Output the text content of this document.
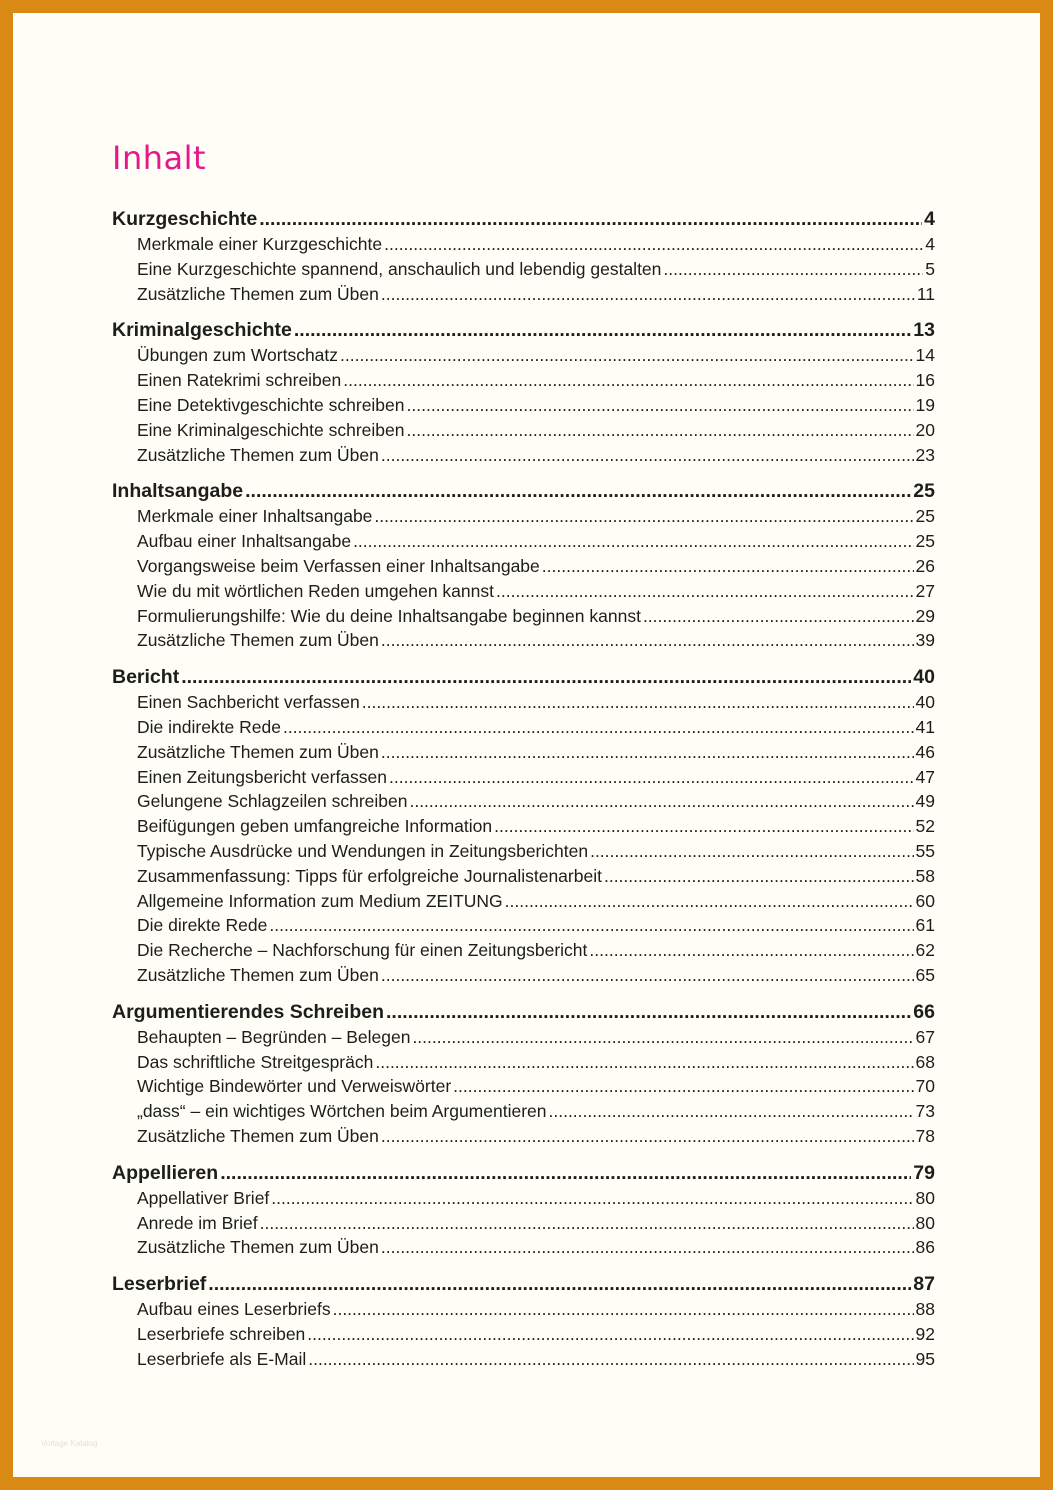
Inhalt
Kurzgeschichte .....	4
Merkmale einer Kurzgeschichte .....	4
Eine Kurzgeschichte spannend, anschaulich und lebendig gestalten .....	5
Zusätzliche Themen zum Üben .....	11
Kriminalgeschichte .....	13
Übungen zum Wortschatz .....	14
Einen Ratekrimi schreiben .....	16
Eine Detektivgeschichte schreiben .....	19
Eine Kriminalgeschichte schreiben .....	20
Zusätzliche Themen zum Üben .....	23
Inhaltsangabe .....	25
Merkmale einer Inhaltsangabe .....	25
Aufbau einer Inhaltsangabe .....	25
Vorgangsweise beim Verfassen einer Inhaltsangabe .....	26
Wie du mit wörtlichen Reden umgehen kannst .....	27
Formulierungshilfe: Wie du deine Inhaltsangabe beginnen kannst .....	29
Zusätzliche Themen zum Üben .....	39
Bericht .....	40
Einen Sachbericht verfassen .....	40
Die indirekte Rede .....	41
Zusätzliche Themen zum Üben .....	46
Einen Zeitungsbericht verfassen .....	47
Gelungene Schlagzeilen schreiben .....	49
Beifügungen geben umfangreiche Information .....	52
Typische Ausdrücke und Wendungen in Zeitungsberichten .....	55
Zusammenfassung: Tipps für erfolgreiche Journalistenarbeit .....	58
Allgemeine Information zum Medium ZEITUNG .....	60
Die direkte Rede .....	61
Die Recherche – Nachforschung für einen Zeitungsbericht .....	62
Zusätzliche Themen zum Üben .....	65
Argumentierendes Schreiben .....	66
Behaupten – Begründen – Belegen .....	67
Das schriftliche Streitgespräch .....	68
Wichtige Bindewörter und Verweiswörter .....	70
„dass“ – ein wichtiges Wörtchen beim Argumentieren .....	73
Zusätzliche Themen zum Üben .....	78
Appellieren .....	79
Appellativer Brief .....	80
Anrede im Brief .....	80
Zusätzliche Themen zum Üben .....	86
Leserbrief .....	87
Aufbau eines Leserbriefs .....	88
Leserbriefe schreiben .....	92
Leserbriefe als E-Mail .....	95
Vorlage Katalog
